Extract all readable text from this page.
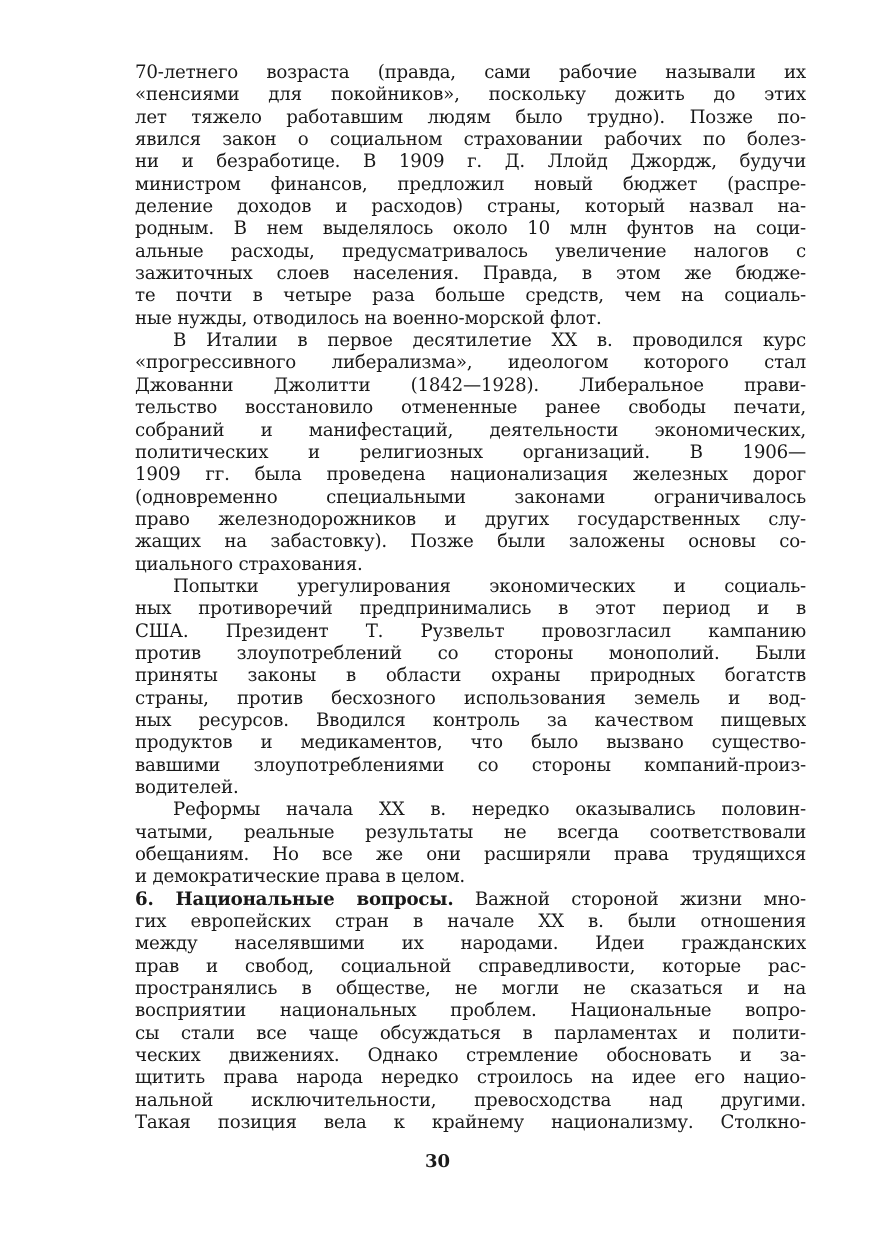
70-летнего возраста (правда, сами рабочие называли их
«пенсиями для покойников», поскольку дожить до этих
лет тяжело работавшим людям было трудно). Позже по-
явился закон о социальном страховании рабочих по болез-
ни и безработице. В 1909 г. Д. Ллойд Джордж, будучи
министром финансов, предложил новый бюджет (распре-
деление доходов и расходов) страны, который назвал на-
родным. В нем выделялось около 10 млн фунтов на соци-
альные расходы, предусматривалось увеличение налогов с
зажиточных слоев населения. Правда, в этом же бюдже-
те почти в четыре раза больше средств, чем на социаль-
ные нужды, отводилось на военно-морской флот.
В Италии в первое десятилетие XX в. проводился курс
«прогрессивного либерализма», идеологом которого стал
Джованни Джолитти (1842—1928). Либеральное прави-
тельство восстановило отмененные ранее свободы печати,
собраний и манифестаций, деятельности экономических,
политических и религиозных организаций. В 1906—
1909 гг. была проведена национализация железных дорог
(одновременно специальными законами ограничивалось
право железнодорожников и других государственных слу-
жащих на забастовку). Позже были заложены основы со-
циального страхования.
Попытки урегулирования экономических и социаль-
ных противоречий предпринимались в этот период и в
США. Президент Т. Рузвельт провозгласил кампанию
против злоупотреблений со стороны монополий. Были
приняты законы в области охраны природных богатств
страны, против бесхозного использования земель и вод-
ных ресурсов. Вводился контроль за качеством пищевых
продуктов и медикаментов, что было вызвано существо-
вавшими злоупотреблениями со стороны компаний-произ-
водителей.
Реформы начала XX в. нередко оказывались половин-
чатыми, реальные результаты не всегда соответствовали
обещаниям. Но все же они расширяли права трудящихся
и демократические права в целом.
6. Национальные вопросы. Важной стороной жизни мно-
гих европейских стран в начале XX в. были отношения
между населявшими их народами. Идеи гражданских
прав и свобод, социальной справедливости, которые рас-
пространялись в обществе, не могли не сказаться и на
восприятии национальных проблем. Национальные вопро-
сы стали все чаще обсуждаться в парламентах и полити-
ческих движениях. Однако стремление обосновать и за-
щитить права народа нередко строилось на идее его нацио-
нальной исключительности, превосходства над другими.
Такая позиция вела к крайнему национализму. Столкно-
30
